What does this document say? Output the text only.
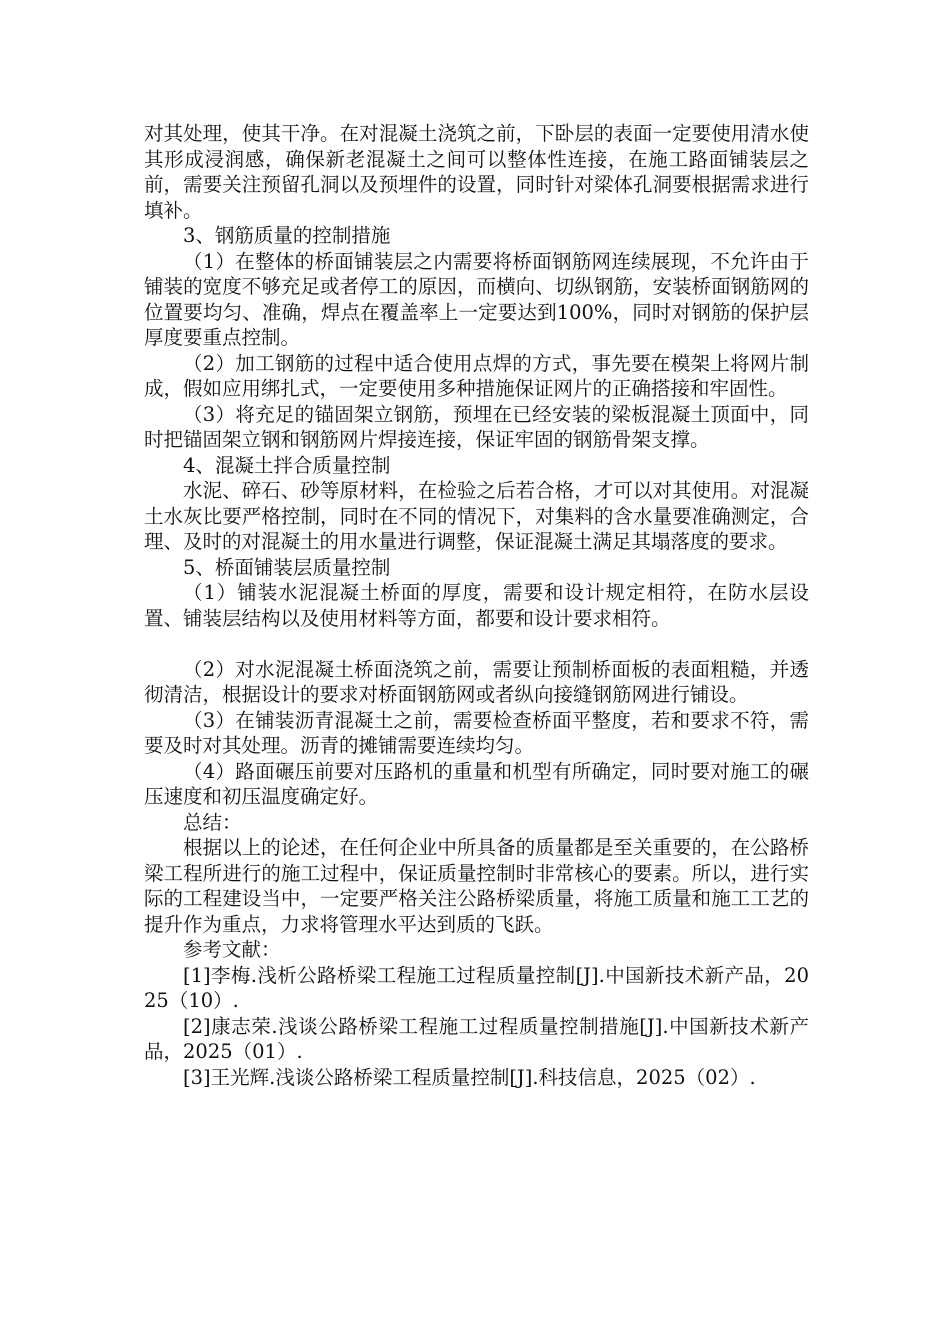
对其处理，使其干净。在对混凝土浇筑之前，下卧层的表面一定要使用清水使其形成浸润感，确保新老混凝土之间可以整体性连接，在施工路面铺装层之前，需要关注预留孔洞以及预埋件的设置，同时针对梁体孔洞要根据需求进行填补。

3、钢筋质量的控制措施

（1）在整体的桥面铺装层之内需要将桥面钢筋网连续展现，不允许由于铺装的宽度不够充足或者停工的原因，而横向、切纵钢筋，安装桥面钢筋网的位置要均匀、准确，焊点在覆盖率上一定要达到100%，同时对钢筋的保护层厚度要重点控制。

（2）加工钢筋的过程中适合使用点焊的方式，事先要在模架上将网片制成，假如应用绑扎式，一定要使用多种措施保证网片的正确搭接和牢固性。

（3）将充足的锚固架立钢筋，预埋在已经安装的梁板混凝土顶面中，同时把锚固架立钢和钢筋网片焊接连接，保证牢固的钢筋骨架支撑。

4、混凝土拌合质量控制

水泥、碎石、砂等原材料，在检验之后若合格，才可以对其使用。对混凝土水灰比要严格控制，同时在不同的情况下，对集料的含水量要准确测定，合理、及时的对混凝土的用水量进行调整，保证混凝土满足其塌落度的要求。

5、桥面铺装层质量控制

（1）铺装水泥混凝土桥面的厚度，需要和设计规定相符，在防水层设置、铺装层结构以及使用材料等方面，都要和设计要求相符。

（2）对水泥混凝土桥面浇筑之前，需要让预制桥面板的表面粗糙，并透彻清洁，根据设计的要求对桥面钢筋网或者纵向接缝钢筋网进行铺设。

（3）在铺装沥青混凝土之前，需要检查桥面平整度，若和要求不符，需要及时对其处理。沥青的摊铺需要连续均匀。

（4）路面碾压前要对压路机的重量和机型有所确定，同时要对施工的碾压速度和初压温度确定好。

总结：

根据以上的论述，在任何企业中所具备的质量都是至关重要的，在公路桥梁工程所进行的施工过程中，保证质量控制时非常核心的要素。所以，进行实际的工程建设当中，一定要严格关注公路桥梁质量，将施工质量和施工工艺的提升作为重点，力求将管理水平达到质的飞跃。

参考文献：

[1]李梅.浅析公路桥梁工程施工过程质量控制[J].中国新技术新产品，2025（10）.

[2]康志荣.浅谈公路桥梁工程施工过程质量控制措施[J].中国新技术新产品，2025（01）.

[3]王光辉.浅谈公路桥梁工程质量控制[J].科技信息，2025（02）.
